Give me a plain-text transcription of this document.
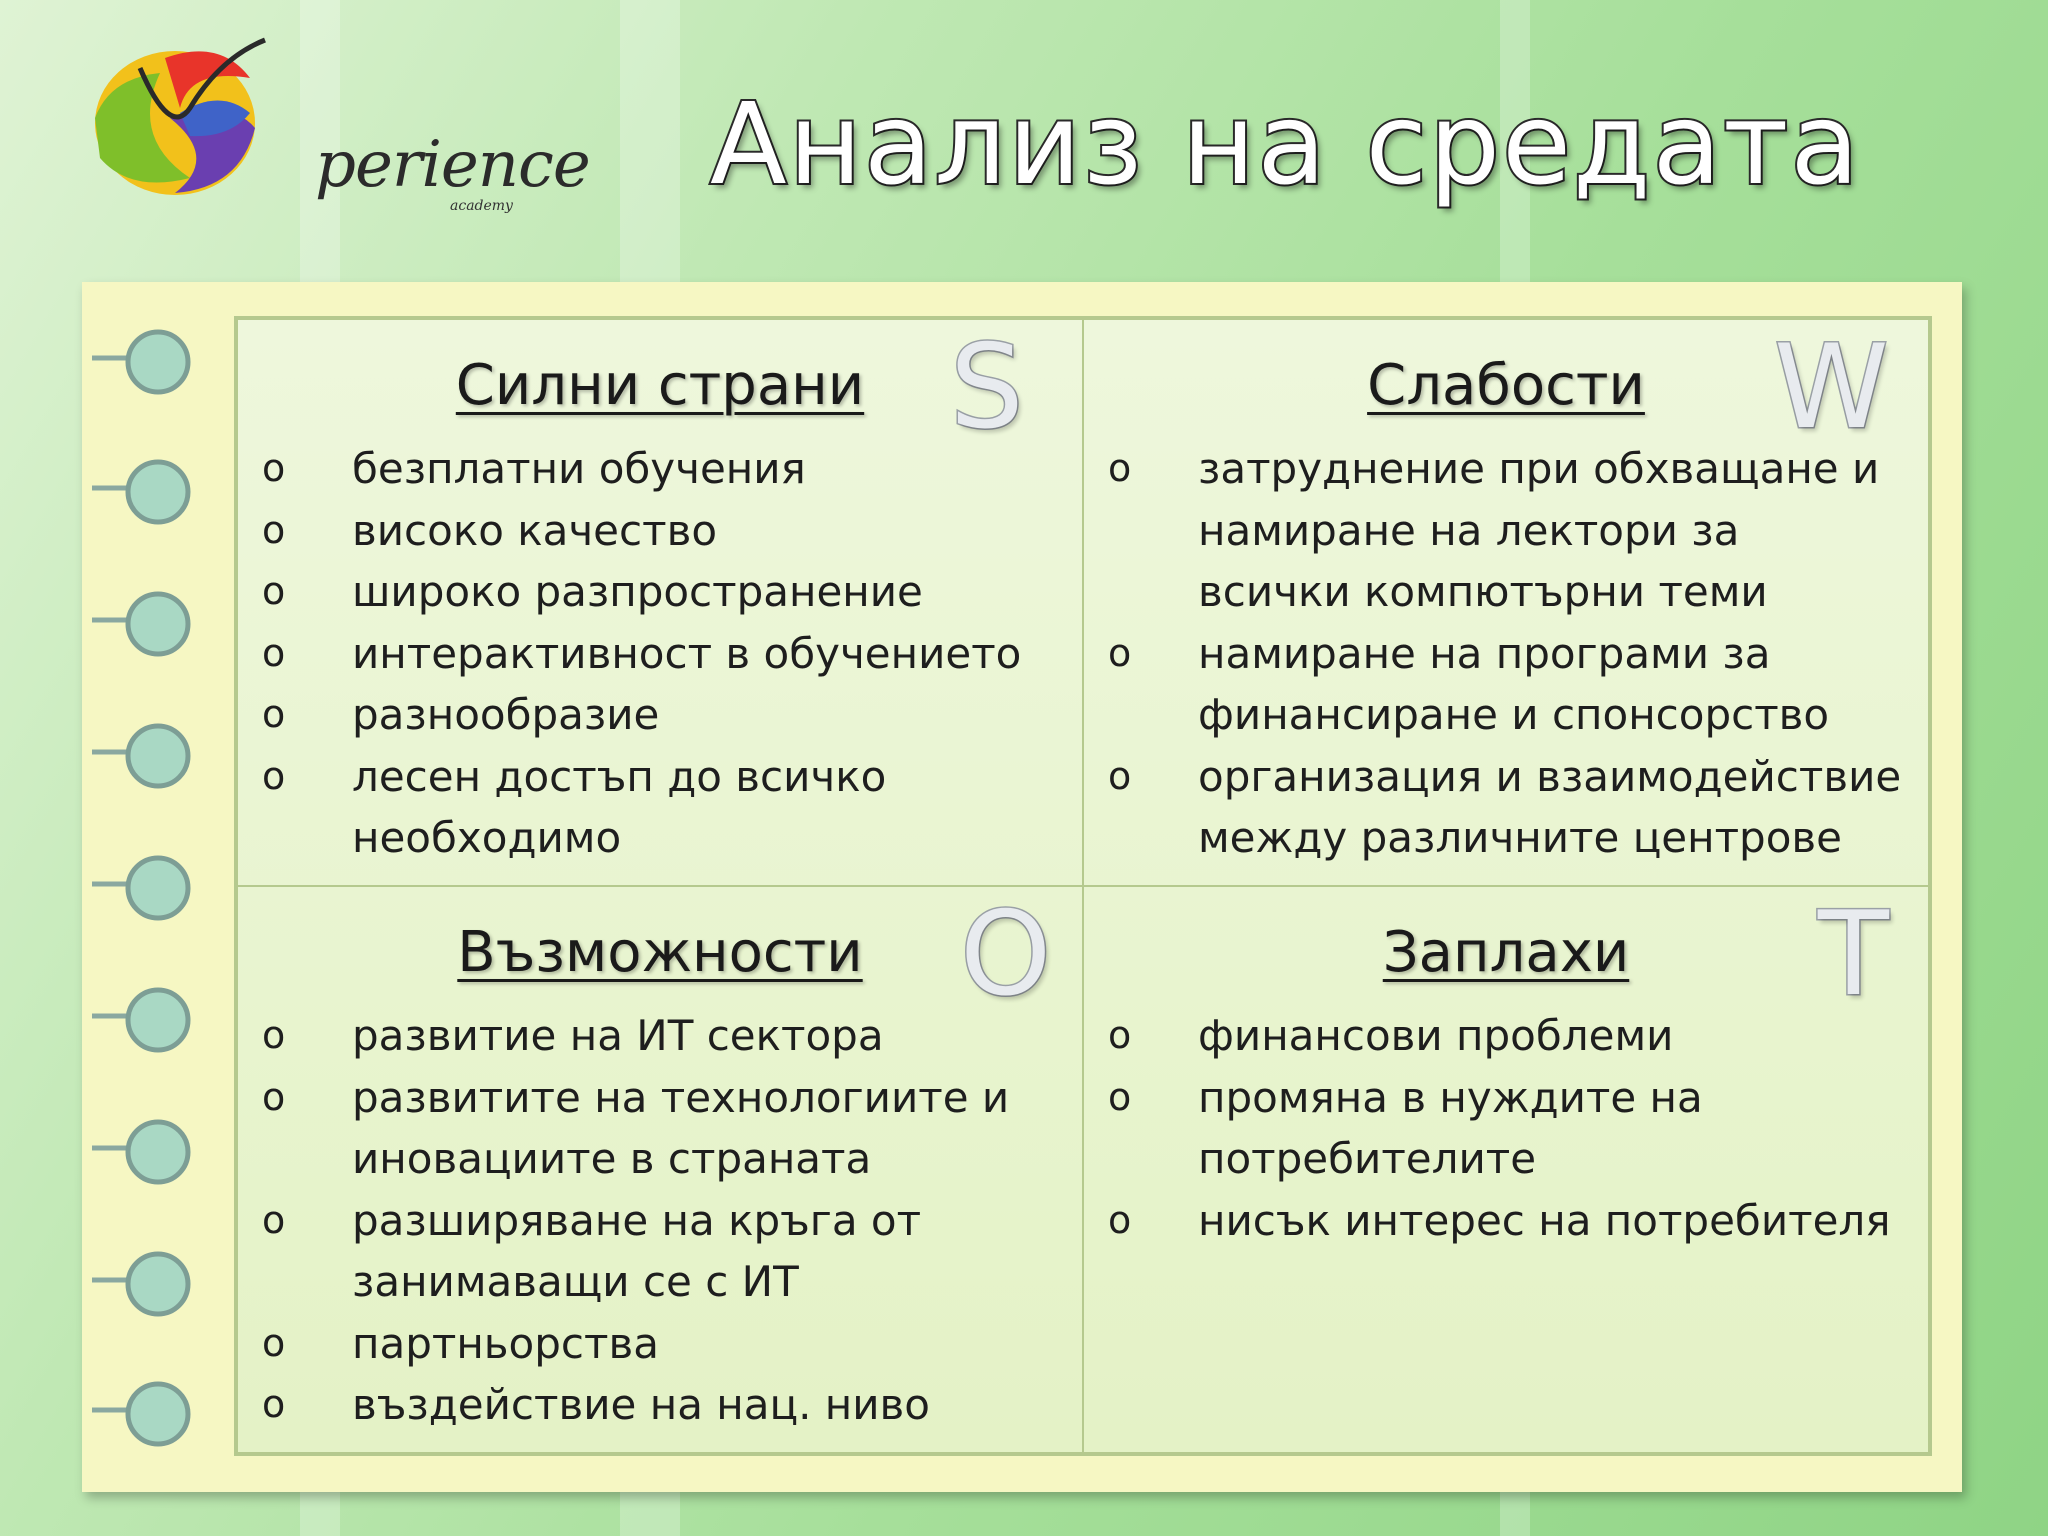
perience
academy Анализ на средата
Силни страни S
o безплатни обучения
o високо качество
o широко разпространение
o интерактивност в обучението
o разнообразие
o лесен достъп до всичко необходимо
Слабости	W
o затруднение при обхващане и намиране на лектори за всички компютърни теми
o намиране на програми за финансиране и спонсорство
o организация и взаимодействие между различните центрове
Възможности O
o развитие на ИТ сектора
o развитите на технологиите и иновациите в страната
o разширяване на кръга от занимаващи се с ИТ
o партньорства
o въздействие на нац. ниво
Заплахи	T
o финансови проблеми
o промяна в нуждите на потребителите
o нисък интерес на потребителя
